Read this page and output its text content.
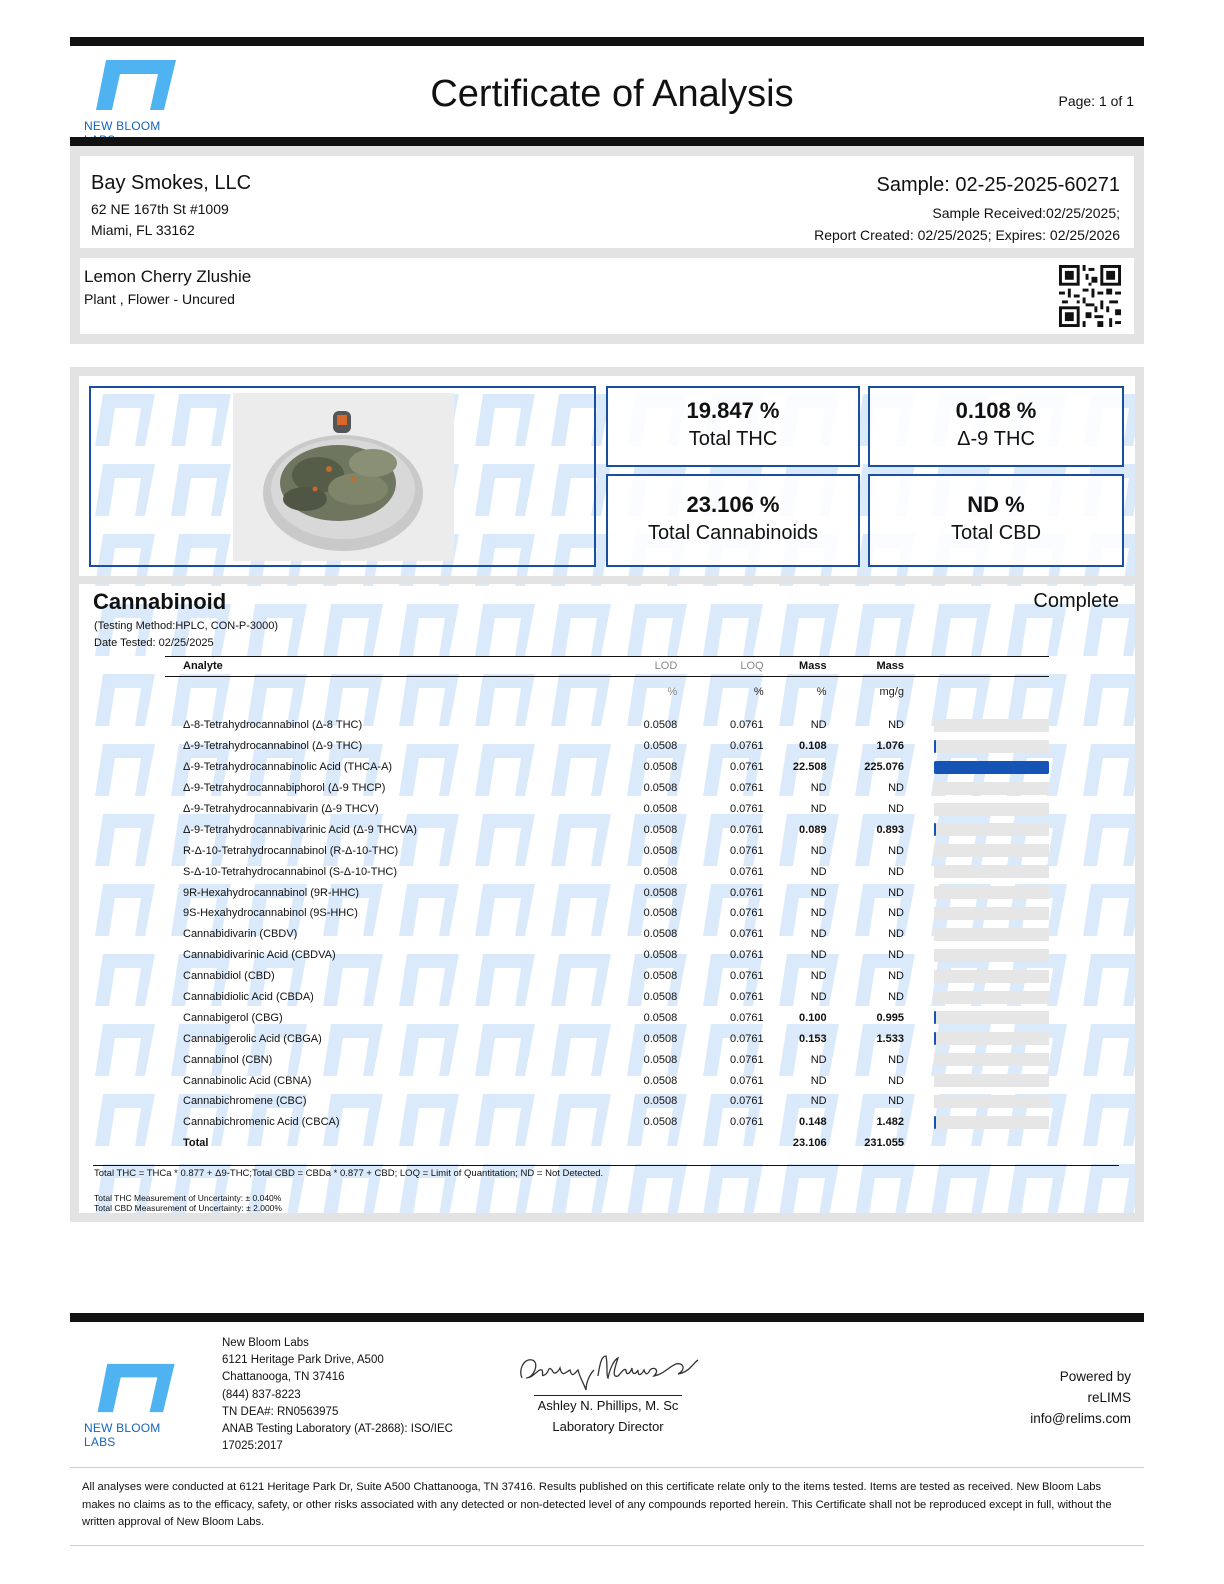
NEW BLOOM
Certificate of Analysis	Page: 1 of 1
Bay Smokes, LLC
62 NE 167th St #1009
Miami, FL 33162
Sample: 02-25-2025-60271
Sample Received:02/25/2025;
Report Created: 02/25/2025; Expires: 02/25/2026
Lemon Cherry Zlushie
Plant , Flower - Uncured
19.847 %
Total THC
0.108 %
Δ-9 THC
23.106 %
Total Cannabinoids
ND %
Total CBD
Cannabinoid	Complete
(Testing Method:HPLC, CON-P-3000)
Date Tested: 02/25/2025
Analyte	LOD	LOQ	Mass	Mass	
	%	%	%	mg/g	

Δ-8-Tetrahydrocannabinol (Δ-8 THC)	0.0508	0.0761	ND	ND	

Δ-9-Tetrahydrocannabinol (Δ-9 THC)	0.0508	0.0761	0.108	1.076	

Δ-9-Tetrahydrocannabinolic Acid (THCA-A)	0.0508	0.0761	22.508	225.076	

Δ-9-Tetrahydrocannabiphorol (Δ-9 THCP)	0.0508	0.0761	ND	ND	

Δ-9-Tetrahydrocannabivarin (Δ-9 THCV)	0.0508	0.0761	ND	ND	

Δ-9-Tetrahydrocannabivarinic Acid (Δ-9 THCVA)	0.0508	0.0761	0.089	0.893	

R-Δ-10-Tetrahydrocannabinol (R-Δ-10-THC)	0.0508	0.0761	ND	ND	

S-Δ-10-Tetrahydrocannabinol (S-Δ-10-THC)	0.0508	0.0761	ND	ND	

9R-Hexahydrocannabinol (9R-HHC)	0.0508	0.0761	ND	ND	

9S-Hexahydrocannabinol (9S-HHC)	0.0508	0.0761	ND	ND	

Cannabidivarin (CBDV)	0.0508	0.0761	ND	ND	

Cannabidivarinic Acid (CBDVA)	0.0508	0.0761	ND	ND	

Cannabidiol (CBD)	0.0508	0.0761	ND	ND	

Cannabidiolic Acid (CBDA)	0.0508	0.0761	ND	ND	

Cannabigerol (CBG)	0.0508	0.0761	0.100	0.995	

Cannabigerolic Acid (CBGA)	0.0508	0.0761	0.153	1.533	

Cannabinol (CBN)	0.0508	0.0761	ND	ND	

Cannabinolic Acid (CBNA)	0.0508	0.0761	ND	ND	

Cannabichromene (CBC)	0.0508	0.0761	ND	ND	

Cannabichromenic Acid (CBCA)	0.0508	0.0761	0.148	1.482	

Total			23.106	231.055	
Total THC = THCa * 0.877 + Δ9-THC;Total CBD = CBDa * 0.877 + CBD; LOQ = Limit of Quantitation; ND = Not Detected.
Total THC Measurement of Uncertainty: ± 0.040%
Total CBD Measurement of Uncertainty: ± 2.000%
NEW BLOOM LABS
New Bloom Labs
6121 Heritage Park Drive, A500
Chattanooga, TN 37416
(844) 837-8223
TN DEA#: RN0563975
ANAB Testing Laboratory (AT-2868): ISO/IEC
17025:2017
Ashley N. Phillips, M. Sc
Laboratory Director
Powered by
reLIMS
info@relims.com
All analyses were conducted at 6121 Heritage Park Dr, Suite A500 Chattanooga, TN 37416. Results published on this certificate relate only to the items tested. Items are tested as received. New Bloom Labs makes no claims as to the efficacy, safety, or other risks associated with any detected or non-detected level of any compounds reported herein. This Certificate shall not be reproduced except in full, without the written approval of New Bloom Labs.
